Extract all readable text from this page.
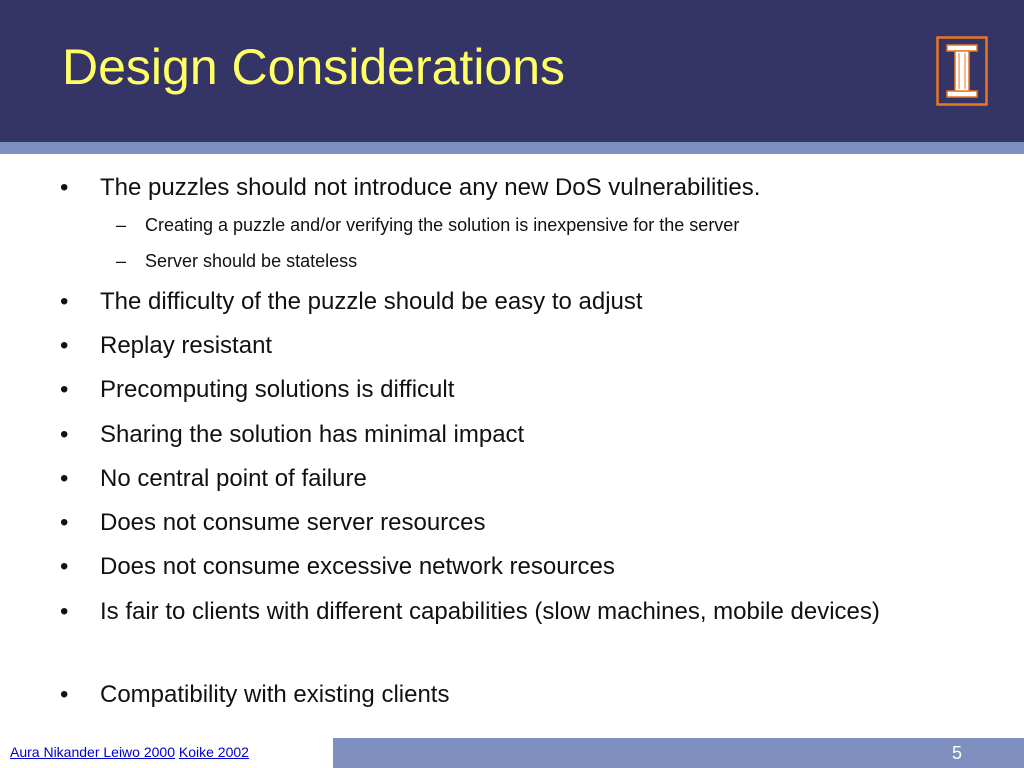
Design Considerations
•	The puzzles should not introduce any new DoS vulnerabilities.
–	Creating a puzzle and/or verifying the solution is inexpensive for the server
–	Server should be stateless
•	The difficulty of the puzzle should be easy to adjust
•	Replay resistant
•	Precomputing solutions is difficult
•	Sharing the solution has minimal impact
•	No central point of failure
•	Does not consume server resources
•	Does not consume excessive network resources
•	Is fair to clients with different capabilities (slow machines, mobile devices)
•	Compatibility with existing clients
Aura Nikander Leiwo 2000 Koike 2002	5
